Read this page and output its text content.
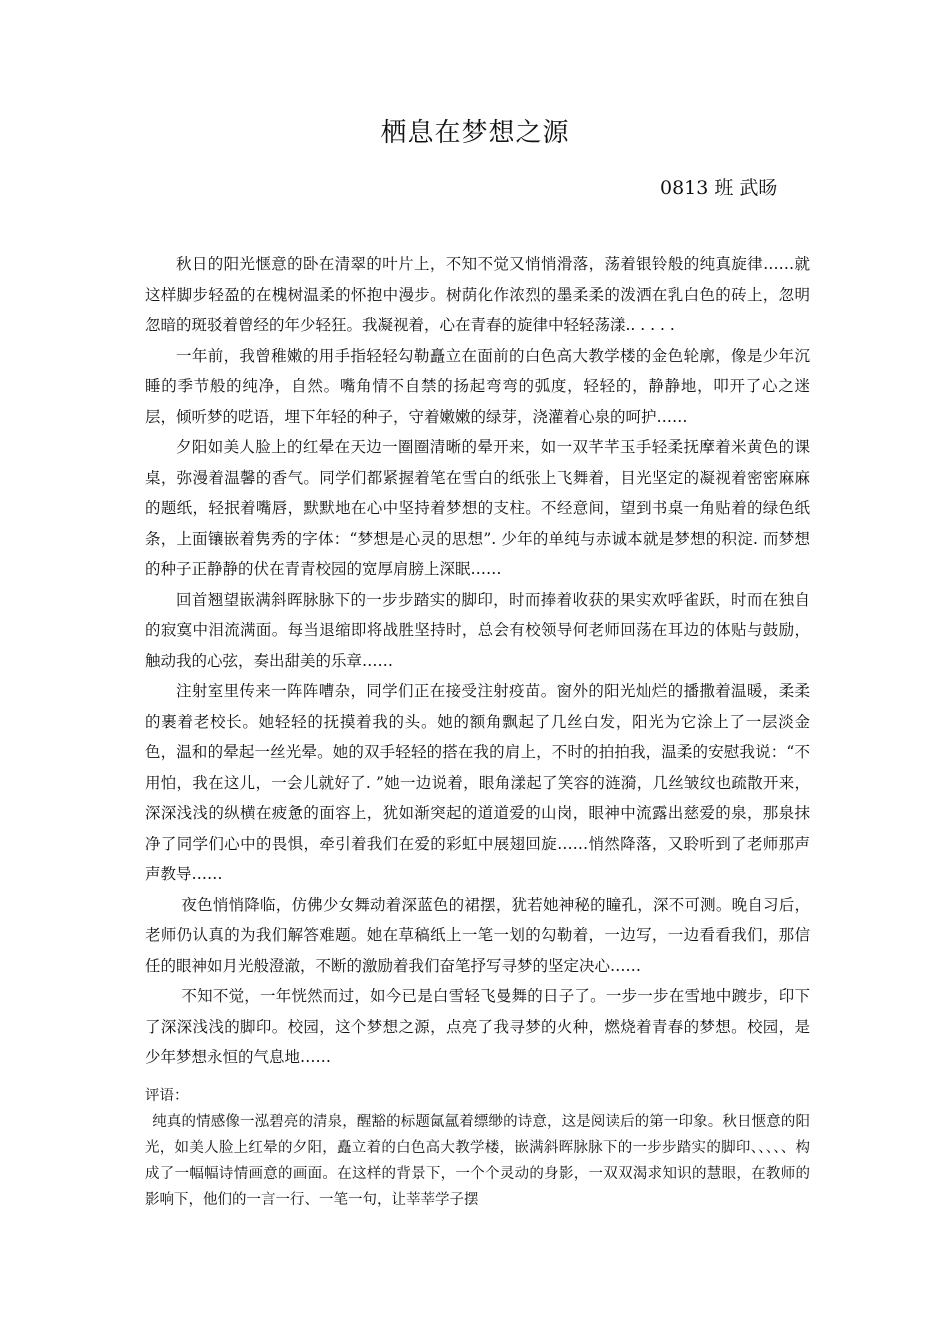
栖息在梦想之源
0813 班 武旸

秋日的阳光惬意的卧在清翠的叶片上，不知不觉又悄悄滑落，荡着银铃般的纯真旋律……就这样脚步轻盈的在槐树温柔的怀抱中漫步。树荫化作浓烈的墨柔柔的泼洒在乳白色的砖上，忽明忽暗的斑驳着曾经的年少轻狂。我凝视着，心在青春的旋律中轻轻荡漾.. . . . .

一年前，我曾稚嫩的用手指轻轻勾勒矗立在面前的白色高大教学楼的金色轮廓，像是少年沉睡的季节般的纯净，自然。嘴角情不自禁的扬起弯弯的弧度，轻轻的，静静地，叩开了心之迷层，倾听梦的呓语，埋下年轻的种子，守着嫩嫩的绿芽，浇灌着心泉的呵护……

夕阳如美人脸上的红晕在天边一圈圈清晰的晕开来，如一双芊芊玉手轻柔抚摩着米黄色的课桌，弥漫着温馨的香气。同学们都紧握着笔在雪白的纸张上飞舞着，目光坚定的凝视着密密麻麻的题纸，轻抿着嘴唇，默默地在心中坚持着梦想的支柱。不经意间，望到书桌一角贴着的绿色纸条，上面镶嵌着隽秀的字体：“梦想是心灵的思想”. 少年的单纯与赤诚本就是梦想的积淀. 而梦想的种子正静静的伏在青青校园的宽厚肩膀上深眠……

回首翘望嵌满斜晖脉脉下的一步步踏实的脚印，时而捧着收获的果实欢呼雀跃，时而在独自的寂寞中泪流满面。每当退缩即将战胜坚持时，总会有校领导何老师回荡在耳边的体贴与鼓励，触动我的心弦，奏出甜美的乐章……

注射室里传来一阵阵嘈杂，同学们正在接受注射疫苗。窗外的阳光灿烂的播撒着温暖，柔柔的裹着老校长。她轻轻的抚摸着我的头。她的额角飘起了几丝白发，阳光为它涂上了一层淡金色，温和的晕起一丝光晕。她的双手轻轻的搭在我的肩上，不时的拍拍我，温柔的安慰我说：“不用怕，我在这儿，一会儿就好了. ”她一边说着，眼角漾起了笑容的涟漪，几丝皱纹也疏散开来，深深浅浅的纵横在疲惫的面容上，犹如渐突起的道道爱的山岗，眼神中流露出慈爱的泉，那泉抹净了同学们心中的畏惧，牵引着我们在爱的彩虹中展翅回旋……悄然降落，又聆听到了老师那声声教导……

夜色悄悄降临，仿佛少女舞动着深蓝色的裙摆，犹若她神秘的瞳孔，深不可测。晚自习后，老师仍认真的为我们解答难题。她在草稿纸上一笔一划的勾勒着，一边写，一边看看我们，那信任的眼神如月光般澄澈，不断的激励着我们奋笔抒写寻梦的坚定决心……

不知不觉，一年恍然而过，如今已是白雪轻飞曼舞的日子了。一步一步在雪地中踱步，印下了深深浅浅的脚印。校园，这个梦想之源，点亮了我寻梦的火种，燃烧着青春的梦想。校园，是少年梦想永恒的气息地……

评语：

纯真的情感像一泓碧亮的清泉，醒豁的标题氤氲着缥缈的诗意，这是阅读后的第一印象。秋日惬意的阳光，如美人脸上红晕的夕阳，矗立着的白色高大教学楼，嵌满斜晖脉脉下的一步步踏实的脚印、、、、、构成了一幅幅诗情画意的画面。在这样的背景下，一个个灵动的身影，一双双渴求知识的慧眼，在教师的影响下，他们的一言一行、一笔一句，让莘莘学子摆
